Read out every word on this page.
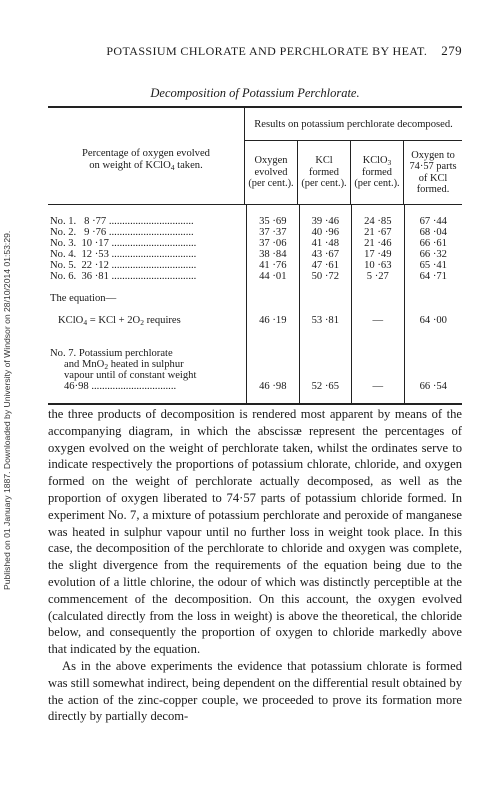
Published on 01 January 1887. Downloaded by University of Windsor on 28/10/2014 01:53:29.
POTASSIUM CHLORATE AND PERCHLORATE BY HEAT. 279
Decomposition of Potassium Perchlorate.
Percentage of oxygen evolved
on weight of KClO$_4$ taken.
Results on potassium perchlorate decomposed.
Oxygen
evolved
(per cent.).
KCl
formed
(per cent.).
KClO$_3$
formed
(per cent.).
Oxygen to
74·57 parts
of KCl
formed.
No. 1. 8 ·77 .....
No. 2. 9 ·76 .....
No. 3. 10 ·17 .....
No. 4. 12 ·53 .....
No. 5. 22 ·12 .....
No. 6. 36 ·81 .....
The equation—
KClO$_4$ = KCl + $2O_2$ requires
No. 7. Potassium perchlorate
and MnO$_2$ heated in sulphur
vapour until of constant weight
46·98 .....
35 ·69
37 ·37
37 ·06
38 ·84
41 ·76
44 ·01
46 ·19
46 ·98
39 ·46
40 ·96
41 ·48
43 ·67
47 ·61
50 ·72
53 ·81
52 ·65
24 ·85
21 ·67
21 ·46
17 ·49
10 ·63
5 ·27
—
—
67 ·44
68 ·04
66 ·61
66 ·32
65 ·41
64 ·71
64 ·00
66 ·54

the three products of decomposition is rendered most apparent by means of the accompanying diagram, in which the abscissæ represent the percentages of oxygen evolved on the weight of perchlorate taken, whilst the ordinates serve to indicate respectively the proportions of potassium chlorate, chloride, and oxygen formed on the weight of perchlorate actually decomposed, as well as the proportion of oxygen liberated to 74·57 parts of potassium chloride formed. In experiment No. 7, a mixture of potassium perchlorate and peroxide of manganese was heated in sulphur vapour until no further loss in weight took place. In this case, the decomposition of the perchlorate to chloride and oxygen was complete, the slight divergence from the requirements of the equation being due to the evolution of a little chlorine, the odour of which was distinctly perceptible at the commencement of the decomposition. On this account, the oxygen evolved (calculated directly from the loss in weight) is above the theoretical, the chloride below, and consequently the proportion of oxygen to chloride markedly above that indicated by the equation.

As in the above experiments the evidence that potassium chlorate is formed was still somewhat indirect, being dependent on the differential result obtained by the action of the zinc-copper couple, we proceeded to prove its formation more directly by partially decom-
